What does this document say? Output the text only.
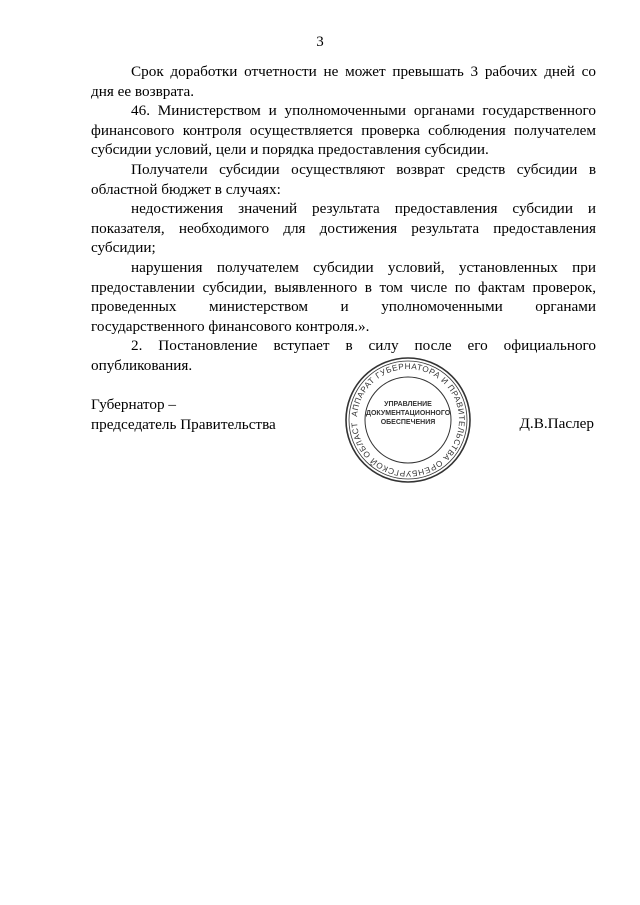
3

Срок доработки отчетности не может превышать 3 рабочих дней со дня ее возврата.

46. Министерством и уполномоченными органами государственного финансового контроля осуществляется проверка соблюдения получателем субсидии условий, цели и порядка предоставления субсидии.

Получатели субсидии осуществляют возврат средств субсидии в областной бюджет в случаях:

недостижения значений результата предоставления субсидии и показателя, необходимого для достижения результата предоставления субсидии;

нарушения получателем субсидии условий, установленных при предоставлении субсидии, выявленного в том числе по фактам проверок, проведенных министерством и уполномоченными органами государственного финансового контроля.».

2. Постановление вступает в силу после его официального опубликования.

Губернатор –
председатель Правительства	Д.В.Паслер
АППАРАТ ГУБЕРНАТОРА И ПРАВИТЕЛЬСТВА ОРЕНБУРГСКОЙ ОБЛАСТ
УПРАВЛЕНИЕ
ДОКУМЕНТАЦИОННОГО
ОБЕСПЕЧЕНИЯ
